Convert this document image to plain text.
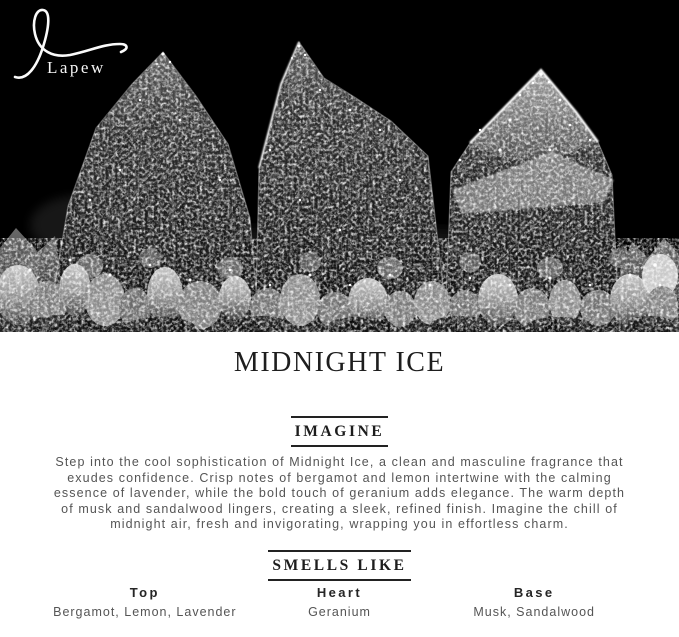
Lapew
MIDNIGHT ICE
IMAGINE

Step into the cool sophistication of Midnight Ice, a clean and masculine fragrance that exudes confidence. Crisp notes of bergamot and lemon intertwine with the calming essence of lavender, while the bold touch of geranium adds elegance. The warm depth of musk and sandalwood lingers, creating a sleek, refined finish. Imagine the chill of midnight air, fresh and invigorating, wrapping you in effortless charm.

SMELLS LIKE
Top
Bergamot, Lemon, Lavender
Heart
Geranium
Base
Musk, Sandalwood
